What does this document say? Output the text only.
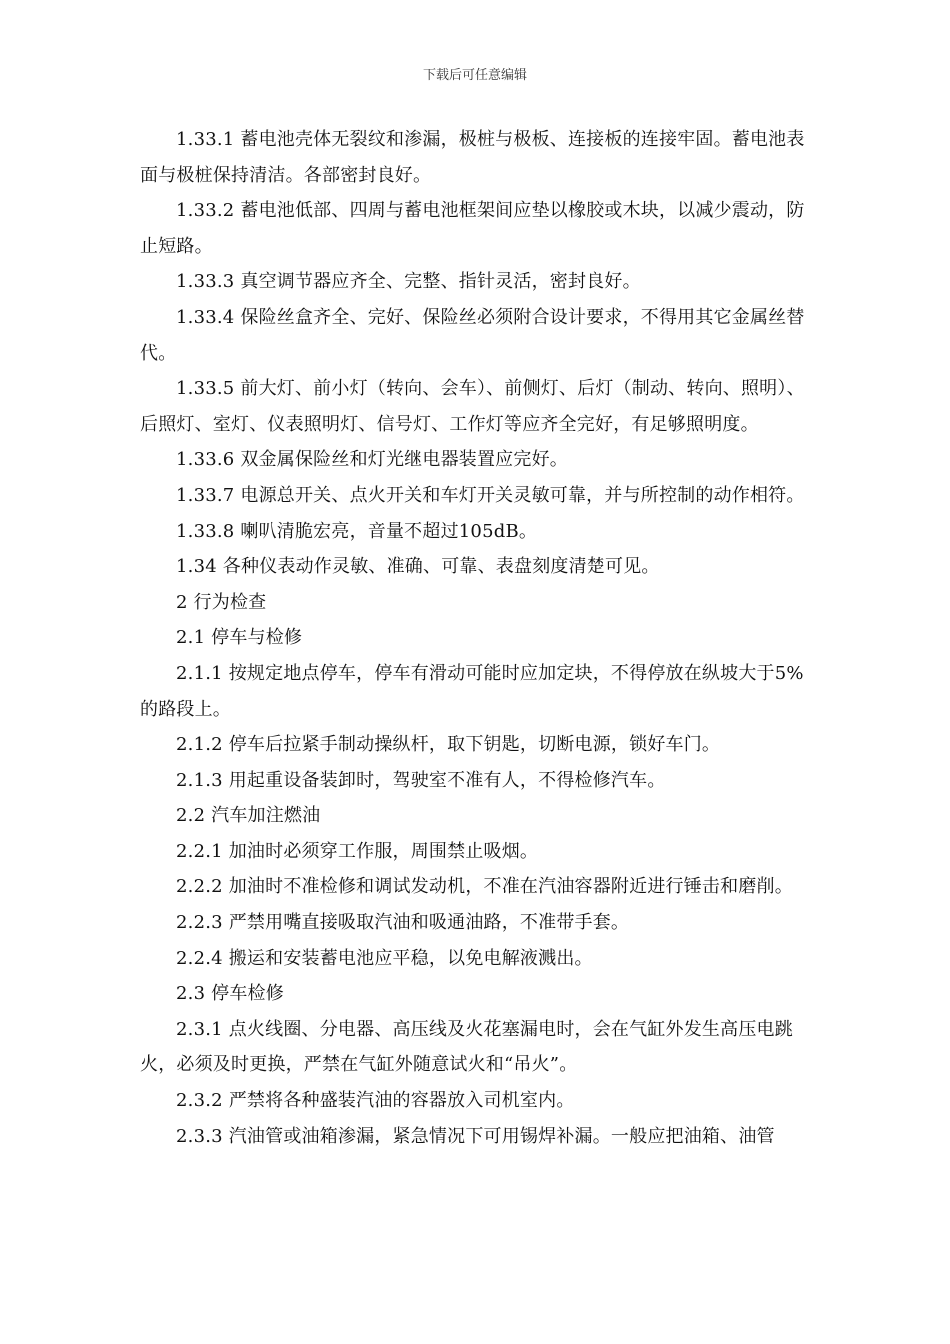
下载后可任意编辑

1.33.1 蓄电池壳体无裂纹和渗漏，极桩与极板、连接板的连接牢固。蓄电池表面与极桩保持清洁。各部密封良好。

1.33.2 蓄电池低部、四周与蓄电池框架间应垫以橡胶或木块，以减少震动，防止短路。

1.33.3 真空调节器应齐全、完整、指针灵活，密封良好。

1.33.4 保险丝盒齐全、完好、保险丝必须附合设计要求，不得用其它金属丝替代。

1.33.5 前大灯、前小灯（转向、会车）、前侧灯、后灯（制动、转向、照明）、后照灯、室灯、仪表照明灯、信号灯、工作灯等应齐全完好，有足够照明度。

1.33.6 双金属保险丝和灯光继电器装置应完好。

1.33.7 电源总开关、点火开关和车灯开关灵敏可靠，并与所控制的动作相符。

1.33.8 喇叭清脆宏亮，音量不超过105dB。

1.34 各种仪表动作灵敏、准确、可靠、表盘刻度清楚可见。

2 行为检查

2.1 停车与检修

2.1.1 按规定地点停车，停车有滑动可能时应加定块，不得停放在纵坡大于5%的路段上。

2.1.2 停车后拉紧手制动操纵杆，取下钥匙，切断电源，锁好车门。

2.1.3 用起重设备装卸时，驾驶室不准有人，不得检修汽车。

2.2 汽车加注燃油

2.2.1 加油时必须穿工作服，周围禁止吸烟。

2.2.2 加油时不准检修和调试发动机，不准在汽油容器附近进行锤击和磨削。

2.2.3 严禁用嘴直接吸取汽油和吸通油路，不准带手套。

2.2.4 搬运和安装蓄电池应平稳，以免电解液溅出。

2.3 停车检修

2.3.1 点火线圈、分电器、高压线及火花塞漏电时，会在气缸外发生高压电跳火，必须及时更换，严禁在气缸外随意试火和“吊火”。

2.3.2 严禁将各种盛装汽油的容器放入司机室内。

2.3.3 汽油管或油箱渗漏，紧急情况下可用锡焊补漏。一般应把油箱、油管
